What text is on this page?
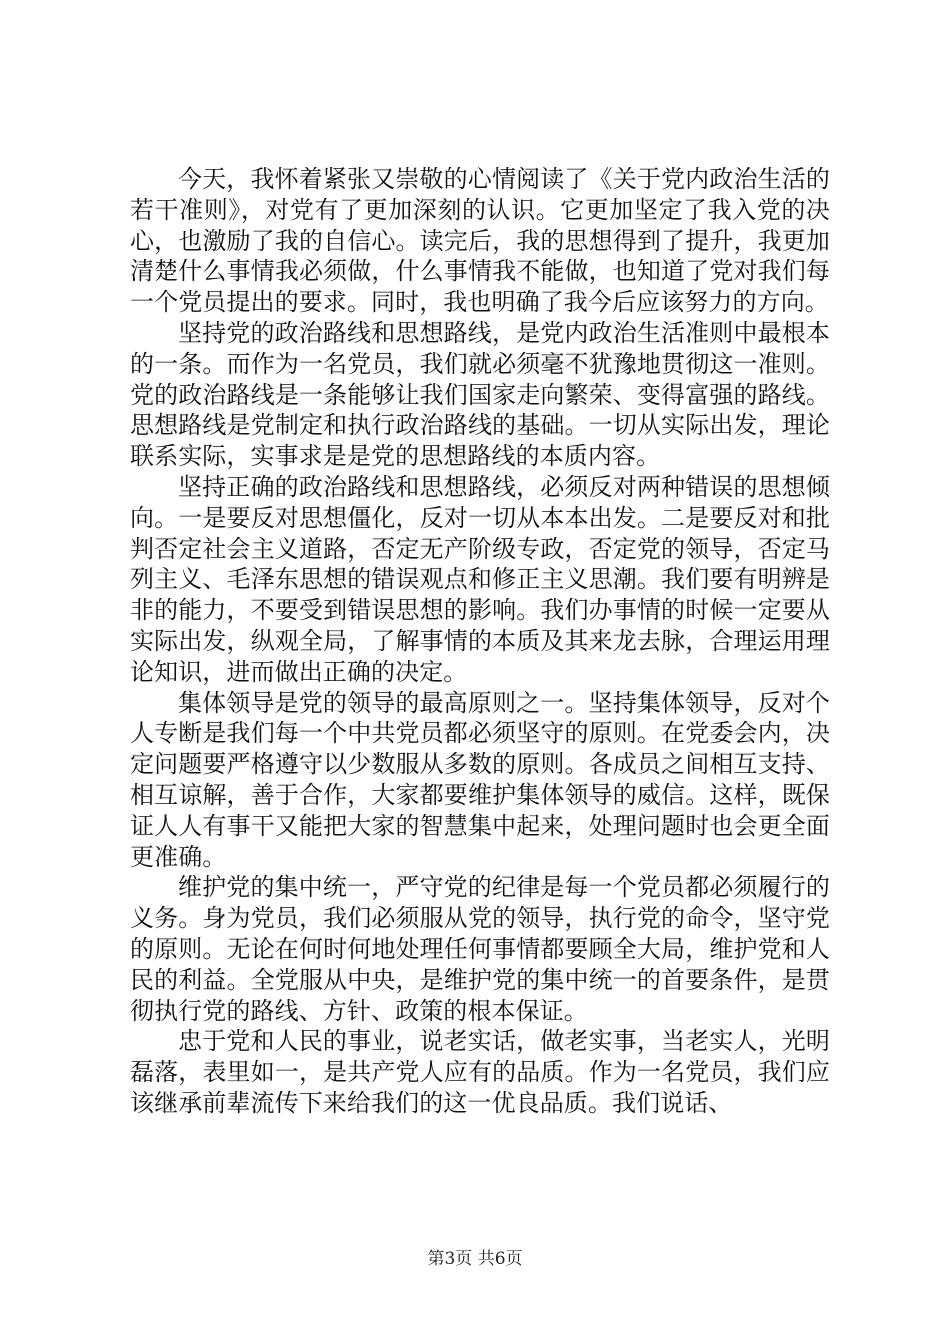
今天，我怀着紧张又崇敬的心情阅读了《关于党内政治生活的若干准则》，对党有了更加深刻的认识。它更加坚定了我入党的决心，也激励了我的自信心。读完后，我的思想得到了提升，我更加清楚什么事情我必须做，什么事情我不能做，也知道了党对我们每一个党员提出的要求。同时，我也明确了我今后应该努力的方向。

坚持党的政治路线和思想路线，是党内政治生活准则中最根本的一条。而作为一名党员，我们就必须毫不犹豫地贯彻这一准则。党的政治路线是一条能够让我们国家走向繁荣、变得富强的路线。思想路线是党制定和执行政治路线的基础。一切从实际出发，理论联系实际，实事求是是党的思想路线的本质内容。

坚持正确的政治路线和思想路线，必须反对两种错误的思想倾向。一是要反对思想僵化，反对一切从本本出发。二是要反对和批判否定社会主义道路，否定无产阶级专政，否定党的领导，否定马列主义、毛泽东思想的错误观点和修正主义思潮。我们要有明辨是非的能力，不要受到错误思想的影响。我们办事情的时候一定要从实际出发，纵观全局，了解事情的本质及其来龙去脉，合理运用理论知识，进而做出正确的决定。

集体领导是党的领导的最高原则之一。坚持集体领导，反对个人专断是我们每一个中共党员都必须坚守的原则。在党委会内，决定问题要严格遵守以少数服从多数的原则。各成员之间相互支持、相互谅解，善于合作，大家都要维护集体领导的威信。这样，既保证人人有事干又能把大家的智慧集中起来，处理问题时也会更全面更准确。

维护党的集中统一，严守党的纪律是每一个党员都必须履行的义务。身为党员，我们必须服从党的领导，执行党的命令，坚守党的原则。无论在何时何地处理任何事情都要顾全大局，维护党和人民的利益。全党服从中央，是维护党的集中统一的首要条件，是贯彻执行党的路线、方针、政策的根本保证。

忠于党和人民的事业，说老实话，做老实事，当老实人，光明磊落，表里如一，是共产党人应有的品质。作为一名党员，我们应该继承前辈流传下来给我们的这一优良品质。我们说话、

第3页 共6页
